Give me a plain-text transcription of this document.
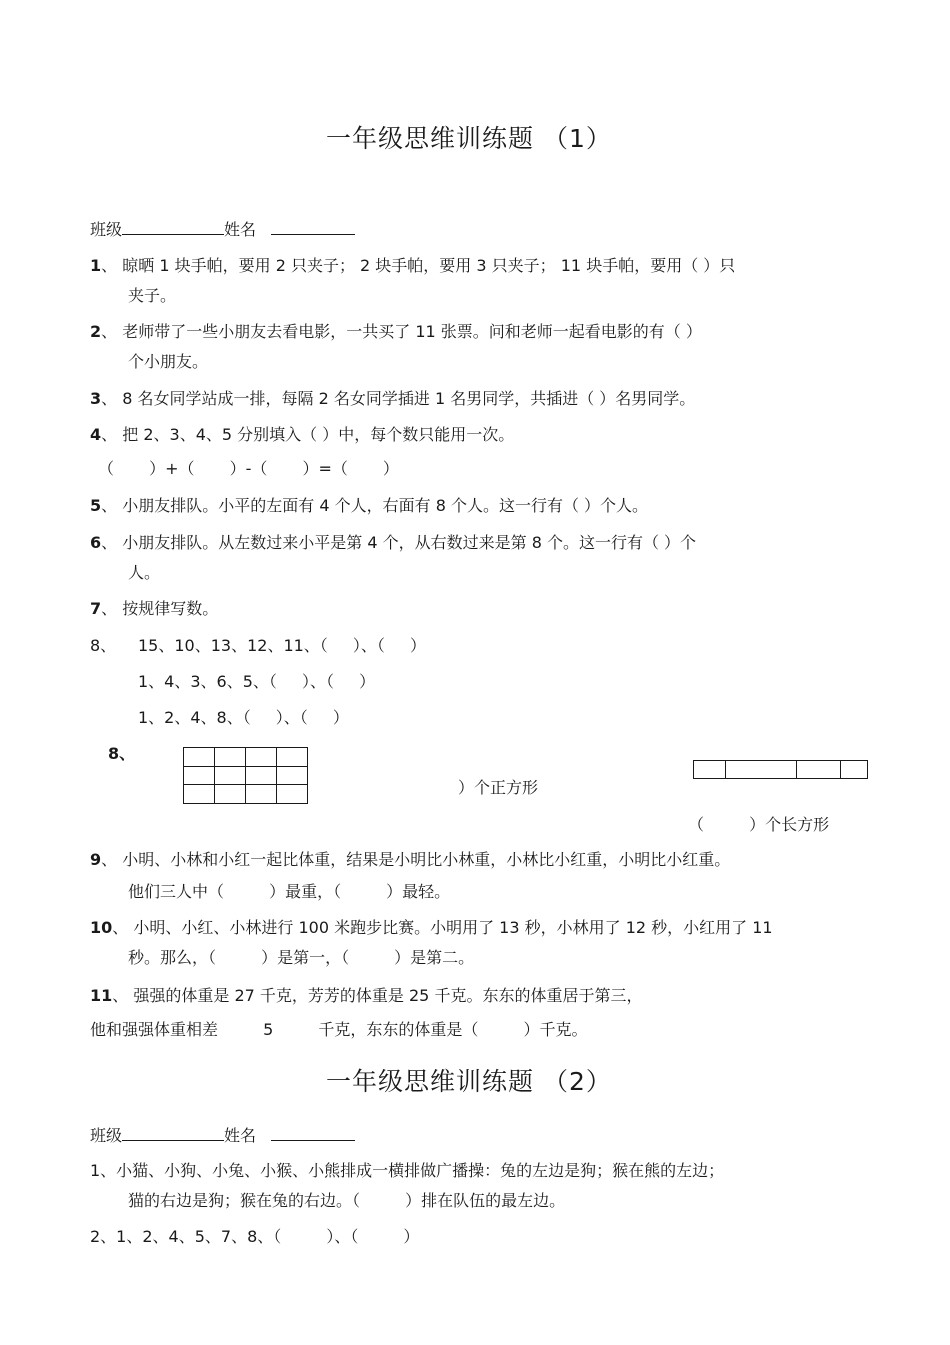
一年级思维训练题 （1）
班级	姓名
1、 晾晒 1 块手帕，要用 2 只夹子； 2 块手帕，要用 3 只夹子； 11 块手帕，要用（ ）只
夹子。
2、 老师带了一些小朋友去看电影，一共买了 11 张票。问和老师一起看电影的有（ ）
个小朋友。
3、 8 名女同学站成一排，每隔 2 名女同学插进 1 名男同学，共插进（ ）名男同学。
4、 把 2、3、4、5 分别填入（ ）中，每个数只能用一次。
（ ）+（ ）-（ ）=（ ）
5、 小朋友排队。小平的左面有 4 个人，右面有 8 个人。这一行有（ ）个人。
6、 小朋友排队。从左数过来小平是第 4 个，从右数过来是第 8 个。这一行有（ ）个
人。
7、 按规律写数。
8、 15、10、13、12、11、（ ）、（ ）
1、4、3、6、5、（ ）、（ ）
1、2、4、8、（ ）、（ ）
8、

）个正方形

（ ）个长方形
9、 小明、小林和小红一起比体重，结果是小明比小林重，小林比小红重，小明比小红重。
他们三人中（ ）最重，（ ）最轻。
10、 小明、小红、小林进行 100 米跑步比赛。小明用了 13 秒，小林用了 12 秒，小红用了 11
秒。那么，（ ）是第一，（ ）是第二。
11、 强强的体重是 27 千克，芳芳的体重是 25 千克。东东的体重居于第三，
他和强强体重相差 5 千克，东东的体重是（ ）千克。
一年级思维训练题 （2）
班级	姓名
1、小猫、小狗、小兔、小猴、小熊排成一横排做广播操：兔的左边是狗；猴在熊的左边；
猫的右边是狗；猴在兔的右边。（ ）排在队伍的最左边。
2、1、2、4、5、7、8、（ ）、（ ）
